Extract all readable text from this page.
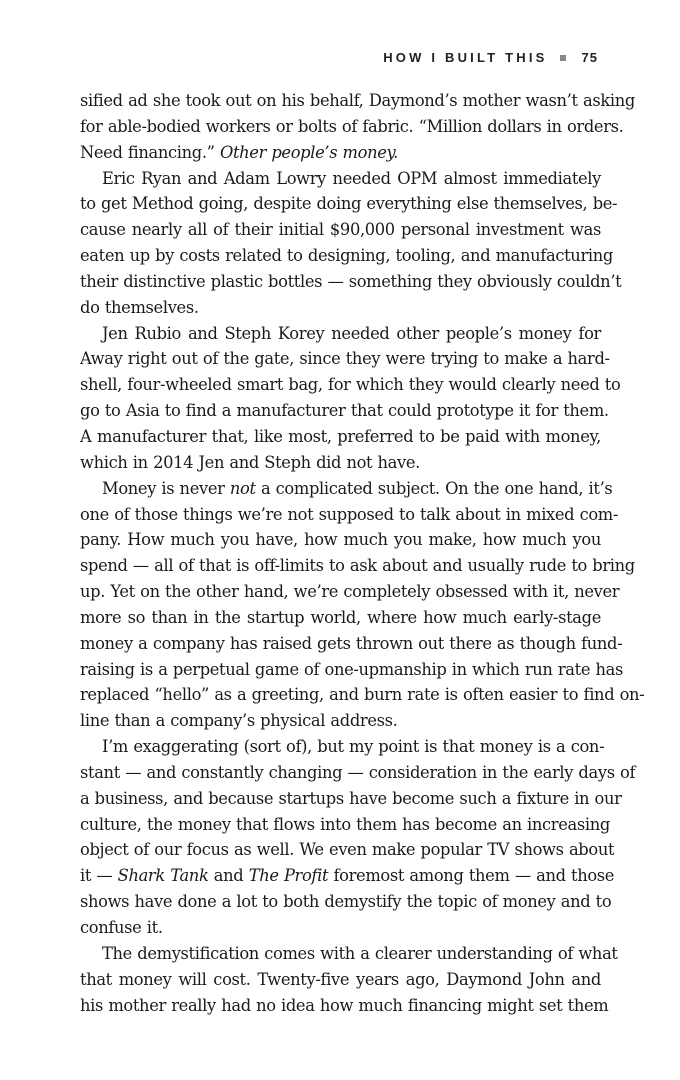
HOW I BUILT THIS	75
sified ad she took out on his behalf, Daymond’s mother wasn’t asking
for able-bodied workers or bolts of fabric. “Million dollars in orders.
Need financing.” Other people’s money.
Eric Ryan and Adam Lowry needed OPM almost immediately
to get Method going, despite doing everything else themselves, be-
cause nearly all of their initial $90,000 personal investment was
eaten up by costs related to designing, tooling, and manufacturing
their distinctive plastic bottles — something they obviously couldn’t
do themselves.
Jen Rubio and Steph Korey needed other people’s money for
Away right out of the gate, since they were trying to make a hard-
shell, four-wheeled smart bag, for which they would clearly need to
go to Asia to find a manufacturer that could prototype it for them.
A manufacturer that, like most, preferred to be paid with money,
which in 2014 Jen and Steph did not have.
Money is never not a complicated subject. On the one hand, it’s
one of those things we’re not supposed to talk about in mixed com-
pany. How much you have, how much you make, how much you
spend — all of that is off-limits to ask about and usually rude to bring
up. Yet on the other hand, we’re completely obsessed with it, never
more so than in the startup world, where how much early-stage
money a company has raised gets thrown out there as though fund-
raising is a perpetual game of one-upmanship in which run rate has
replaced “hello” as a greeting, and burn rate is often easier to find on-
line than a company’s physical address.
I’m exaggerating (sort of), but my point is that money is a con-
stant — and constantly changing — consideration in the early days of
a business, and because startups have become such a fixture in our
culture, the money that flows into them has become an increasing
object of our focus as well. We even make popular TV shows about
it — Shark Tank and The Profit foremost among them — and those
shows have done a lot to both demystify the topic of money and to
confuse it.
The demystification comes with a clearer understanding of what
that money will cost. Twenty-five years ago, Daymond John and
his mother really had no idea how much financing might set them
